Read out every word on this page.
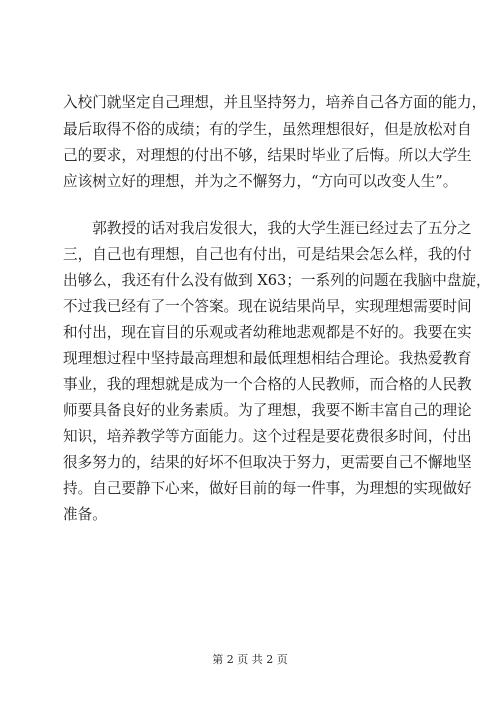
入校门就坚定自己理想，并且坚持努力，培养自己各方面的能力，
最后取得不俗的成绩；有的学生，虽然理想很好，但是放松对自
己的要求，对理想的付出不够，结果时毕业了后悔。所以大学生
应该树立好的理想，并为之不懈努力，“方向可以改变人生”。
　　郭教授的话对我启发很大，我的大学生涯已经过去了五分之
三，自己也有理想，自己也有付出，可是结果会怎么样，我的付
出够么，我还有什么没有做到 X63；一系列的问题在我脑中盘旋，
不过我已经有了一个答案。现在说结果尚早，实现理想需要时间
和付出，现在盲目的乐观或者幼稚地悲观都是不好的。我要在实
现理想过程中坚持最高理想和最低理想相结合理论。我热爱教育
事业，我的理想就是成为一个合格的人民教师，而合格的人民教
师要具备良好的业务素质。为了理想，我要不断丰富自己的理论
知识，培养教学等方面能力。这个过程是要花费很多时间，付出
很多努力的，结果的好坏不但取决于努力，更需要自己不懈地坚
持。自己要静下心来，做好目前的每一件事，为理想的实现做好
准备。
第 2 页 共 2 页
